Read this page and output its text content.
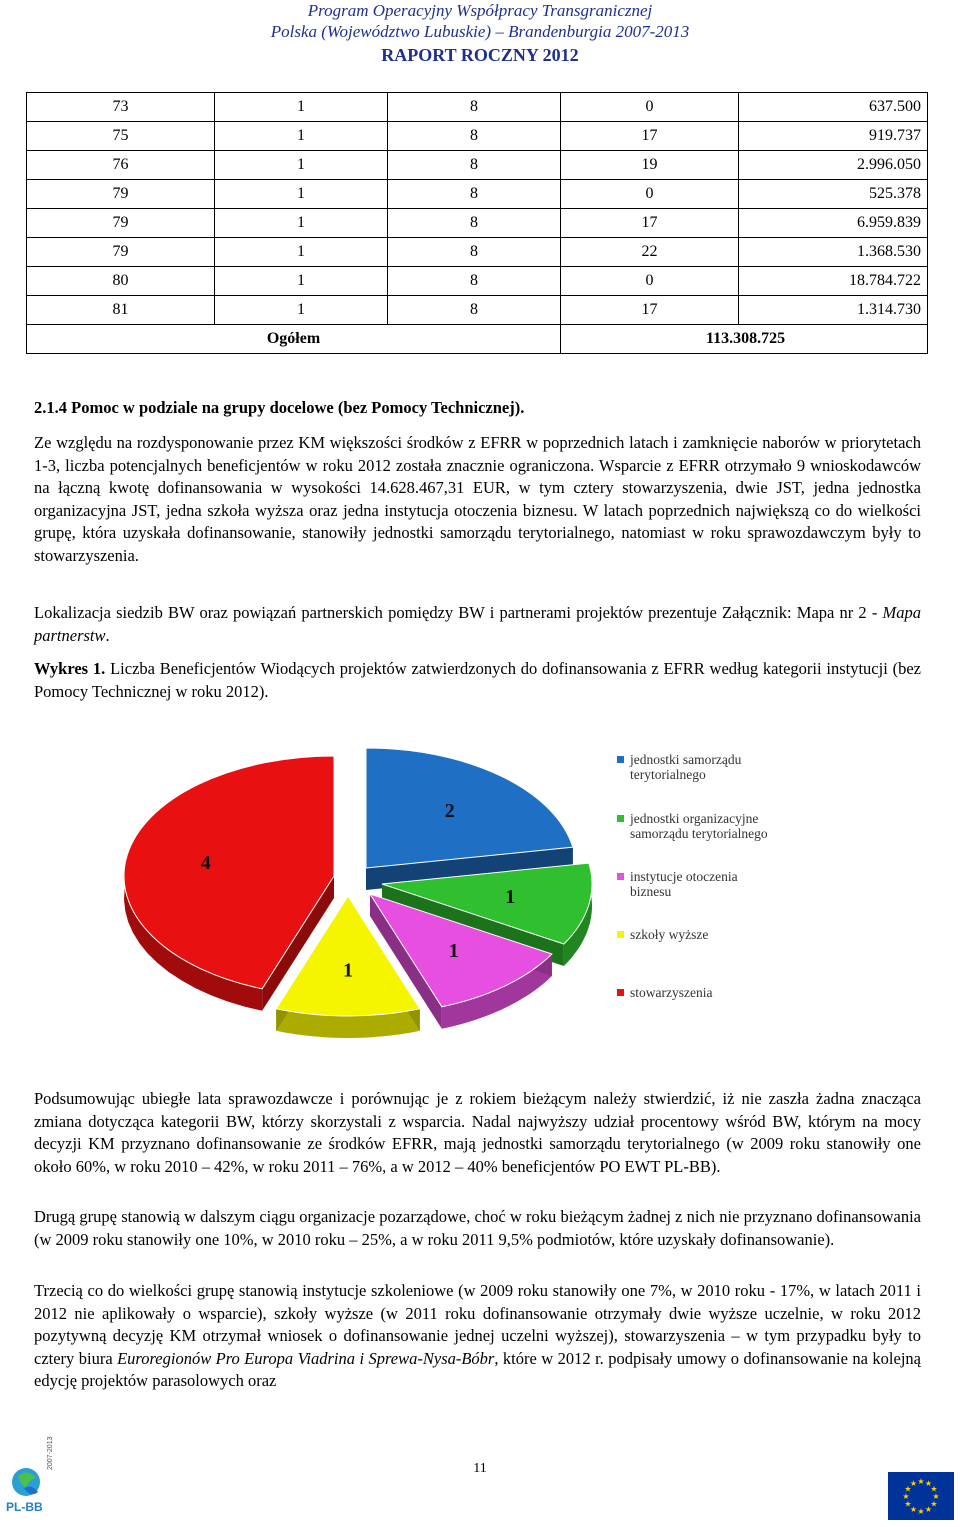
Program Operacyjny Współpracy Transgranicznej
Polska (Województwo Lubuskie) – Brandenburgia 2007-2013
RAPORT ROCZNY 2012
73	1	8	0	637.500
75	1	8	17	919.737
76	1	8	19	2.996.050
79	1	8	0	525.378
79	1	8	17	6.959.839
79	1	8	22	1.368.530
80	1	8	0	18.784.722
81	1	8	17	1.314.730
Ogółem			113.308.725	
2.1.4 Pomoc w podziale na grupy docelowe (bez Pomocy Technicznej).
Ze względu na rozdysponowanie przez KM większości środków z EFRR w poprzednich latach i zamknięcie naborów w priorytetach 1-3, liczba potencjalnych beneficjentów w roku 2012 została znacznie ograniczona. Wsparcie z EFRR otrzymało 9 wnioskodawców na łączną kwotę dofinansowania w wysokości 14.628.467,31 EUR, w tym cztery stowarzyszenia, dwie JST, jedna jednostka organizacyjna JST, jedna szkoła wyższa oraz jedna instytucja otoczenia biznesu. W latach poprzednich największą co do wielkości grupę, która uzyskała dofinansowanie, stanowiły jednostki samorządu terytorialnego, natomiast w roku sprawozdawczym były to stowarzyszenia.
Lokalizacja siedzib BW oraz powiązań partnerskich pomiędzy BW i partnerami projektów prezentuje Załącznik: Mapa nr 2 - Mapa partnerstw.
Wykres 1. Liczba Beneficjentów Wiodących projektów zatwierdzonych do dofinansowania z EFRR według kategorii instytucji (bez Pomocy Technicznej w roku 2012).
2
1
1
1
4
jednostki samorządu
terytorialnego
jednostki organizacyjne
samorządu terytorialnego
instytucje otoczenia
biznesu
szkoły wyższe
stowarzyszenia
Podsumowując ubiegłe lata sprawozdawcze i porównując je z rokiem bieżącym należy stwierdzić, iż nie zaszła żadna znacząca zmiana dotycząca kategorii BW, którzy skorzystali z wsparcia. Nadal najwyższy udział procentowy wśród BW, którym na mocy decyzji KM przyznano dofinansowanie ze środków EFRR, mają jednostki samorządu terytorialnego (w 2009 roku stanowiły one około 60%, w roku 2010 – 42%, w roku 2011 – 76%, a w 2012 – 40% beneficjentów PO EWT PL-BB).
Drugą grupę stanowią w dalszym ciągu organizacje pozarządowe, choć w roku bieżącym żadnej z nich nie przyznano dofinansowania (w 2009 roku stanowiły one 10%, w 2010 roku – 25%, a w roku 2011 9,5% podmiotów, które uzyskały dofinansowanie).
Trzecią co do wielkości grupę stanowią instytucje szkoleniowe (w 2009 roku stanowiły one 7%, w 2010 roku - 17%, w latach 2011 i 2012 nie aplikowały o wsparcie), szkoły wyższe (w 2011 roku dofinansowanie otrzymały dwie wyższe uczelnie, w roku 2012 pozytywną decyzję KM otrzymał wniosek o dofinansowanie jednej uczelni wyższej), stowarzyszenia – w tym przypadku były to cztery biura Euroregionów Pro Europa Viadrina i Sprewa-Nysa-Bóbr, które w 2012 r. podpisały umowy o dofinansowanie na kolejną edycję projektów parasolowych oraz
PL-BB
2007-2013	11
★
★
★
★
★
★
★
★
★ ★ ★
★
